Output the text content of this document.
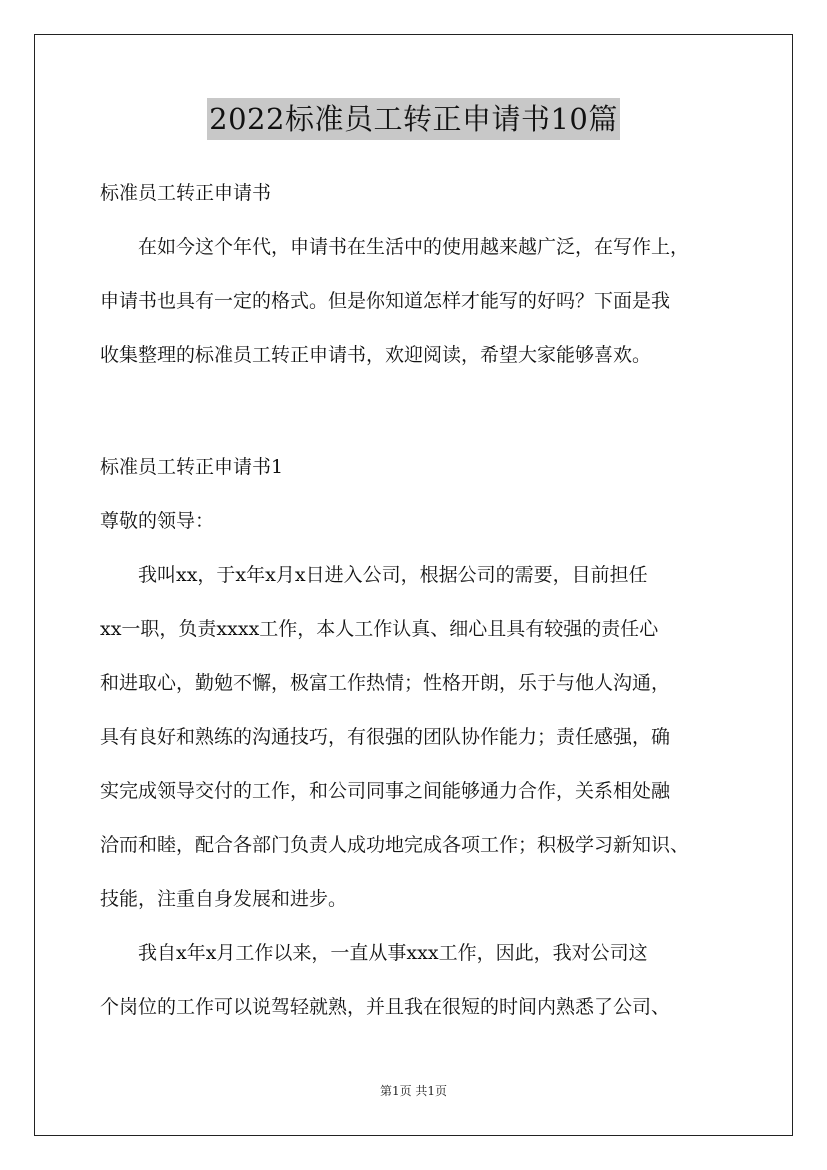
2022标准员工转正申请书10篇
标准员工转正申请书
　　在如今这个年代，申请书在生活中的使用越来越广泛，在写作上，
申请书也具有一定的格式。但是你知道怎样才能写的好吗？下面是我
收集整理的标准员工转正申请书，欢迎阅读，希望大家能够喜欢。
标准员工转正申请书1
尊敬的领导：
　　我叫xx，于x年x月x日进入公司，根据公司的需要，目前担任
xx一职，负责xxxx工作，本人工作认真、细心且具有较强的责任心
和进取心，勤勉不懈，极富工作热情；性格开朗，乐于与他人沟通，
具有良好和熟练的沟通技巧，有很强的团队协作能力；责任感强，确
实完成领导交付的工作，和公司同事之间能够通力合作，关系相处融
洽而和睦，配合各部门负责人成功地完成各项工作；积极学习新知识、
技能，注重自身发展和进步。
　　我自x年x月工作以来，一直从事xxx工作，因此，我对公司这
个岗位的工作可以说驾轻就熟，并且我在很短的时间内熟悉了公司、
第1页 共1页
